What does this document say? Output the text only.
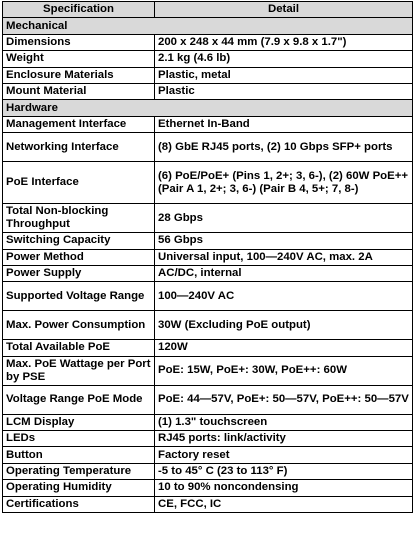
Specification	Detail
Mechanical	
Dimensions	200 x 248 x 44 mm (7.9 x 9.8 x 1.7")
Weight	2.1 kg (4.6 lb)
Enclosure Materials	Plastic, metal
Mount Material	Plastic
Hardware	
Management Interface	Ethernet In-Band
Networking Interface	(8) GbE RJ45 ports, (2) 10 Gbps SFP+ ports
PoE Interface	(6) PoE/PoE+ (Pins 1, 2+; 3, 6-), (2) 60W PoE++ (Pair A 1, 2+; 3, 6-) (Pair B 4, 5+; 7, 8-)
Total Non-blocking Throughput	28 Gbps
Switching Capacity	56 Gbps
Power Method	Universal input, 100—240V AC, max. 2A
Power Supply	AC/DC, internal
Supported Voltage Range	100—240V AC
Max. Power Consumption	30W (Excluding PoE output)
Total Available PoE	120W
Max. PoE Wattage per Port by PSE	PoE: 15W, PoE+: 30W, PoE++: 60W
Voltage Range PoE Mode	PoE: 44—57V, PoE+: 50—57V, PoE++: 50—57V
LCM Display	(1) 1.3" touchscreen
LEDs	RJ45 ports: link/activity
Button	Factory reset
Operating Temperature	-5 to 45° C (23 to 113° F)
Operating Humidity	10 to 90% noncondensing
Certifications	CE, FCC, IC
